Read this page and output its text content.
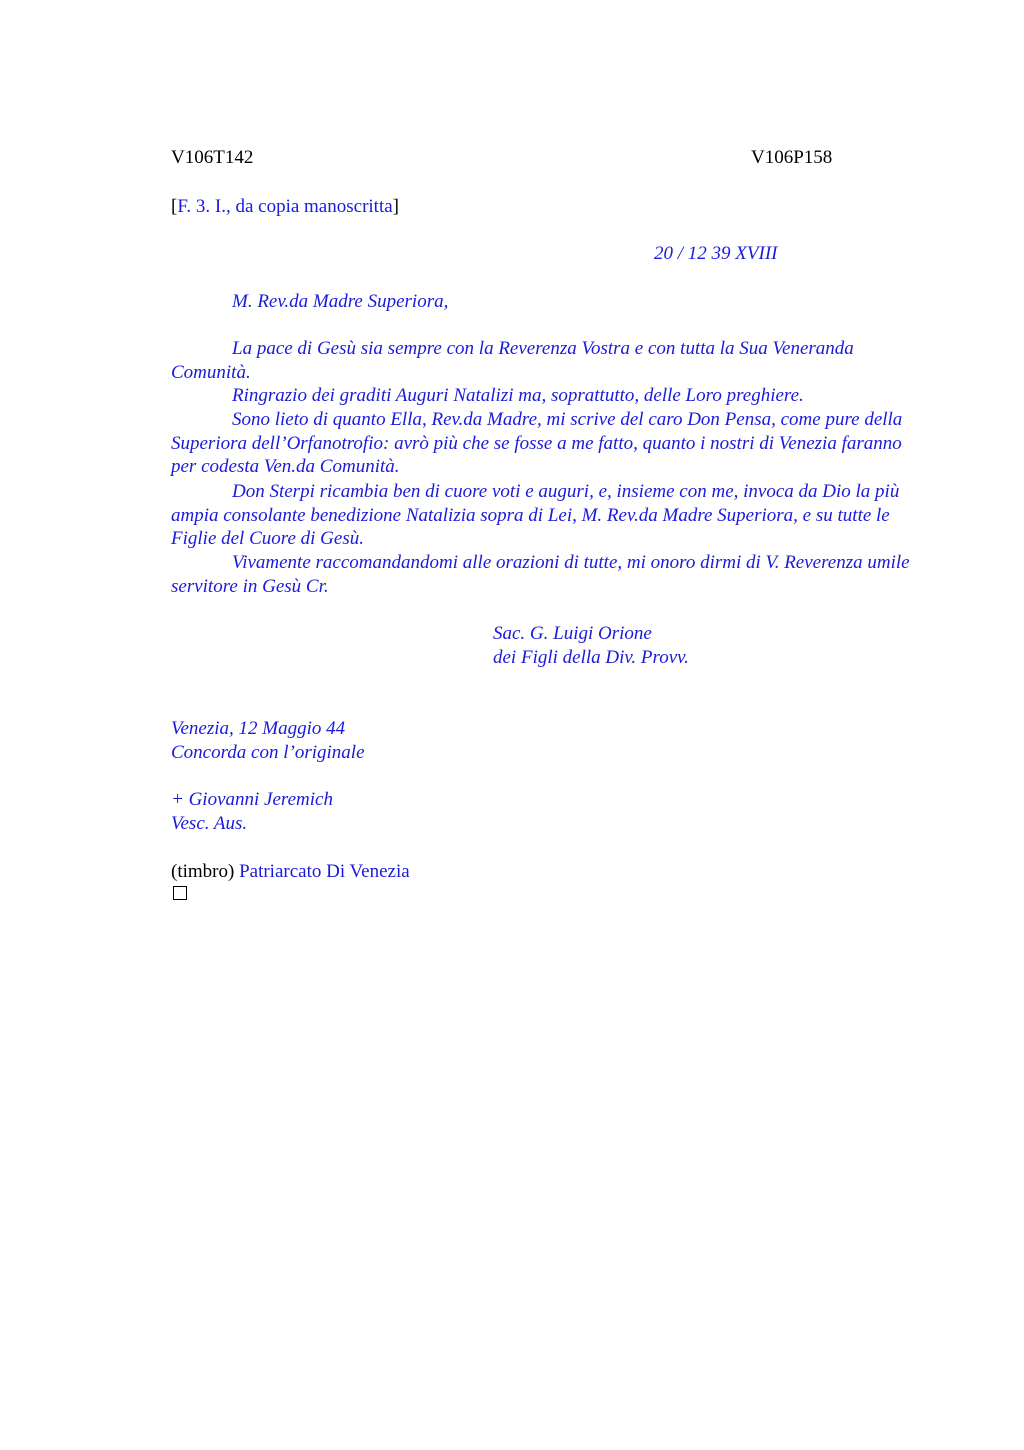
V106T142	V106P158
[F. 3. I., da copia manoscritta]
20 / 12 39 XVIII
M. Rev.da Madre Superiora,
La pace di Gesù sia sempre con la Reverenza Vostra e con tutta la Sua Veneranda Comunità.
Ringrazio dei graditi Auguri Natalizi ma, soprattutto, delle Loro preghiere.
Sono lieto di quanto Ella, Rev.da Madre, mi scrive del caro Don Pensa, come pure della Superiora dell’Orfanotrofio: avrò più che se fosse a me fatto, quanto i nostri di Venezia faranno per codesta Ven.da Comunità.
Don Sterpi ricambia ben di cuore voti e auguri, e, insieme con me, invoca da Dio la più ampia consolante benedizione Natalizia sopra di Lei, M. Rev.da Madre Superiora, e su tutte le Figlie del Cuore di Gesù.
Vivamente raccomandandomi alle orazioni di tutte, mi onoro dirmi di V. Reverenza umile servitore in Gesù Cr.
Sac. G. Luigi Orione
dei Figli della Div. Provv.
Venezia, 12 Maggio 44
Concorda con l’originale
+ Giovanni Jeremich
Vesc. Aus.
(timbro) Patriarcato Di Venezia
